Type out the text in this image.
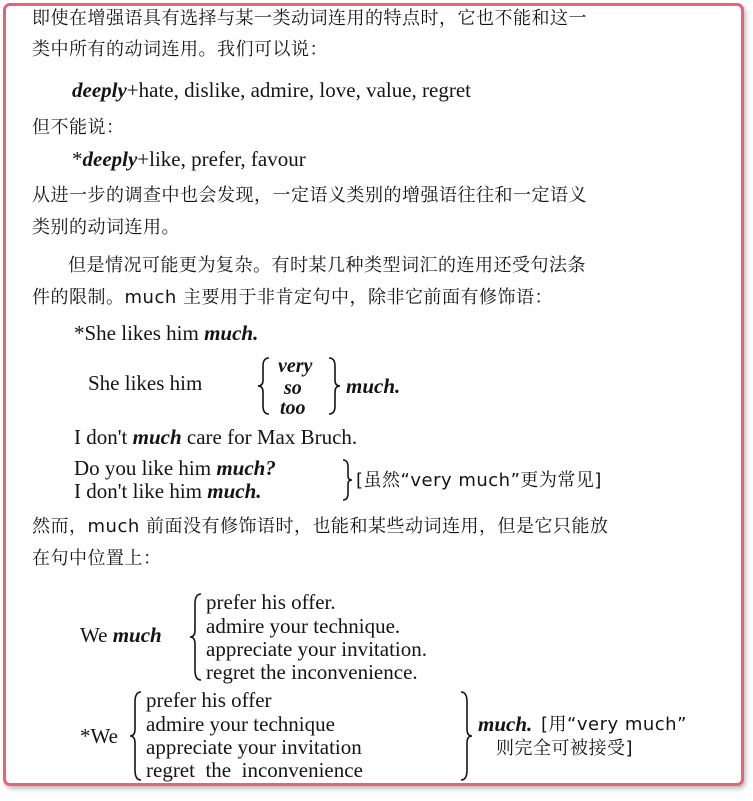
即使在增强语具有选择与某一类动词连用的特点时，它也不能和这一
类中所有的动词连用。我们可以说：
deeply+hate, dislike, admire, love, value, regret
但不能说：
*deeply+like, prefer, favour
从进一步的调查中也会发现，一定语义类别的增强语往往和一定语义
类别的动词连用。
但是情况可能更为复杂。有时某几种类型词汇的连用还受句法条
件的限制。much 主要用于非肯定句中，除非它前面有修饰语：
*She likes him much.
She likes him
very
so
too
much.
I don't much care for Max Bruch.
Do you like him much?
I don't like him much.	[虽然“very much”更为常见]
然而，much 前面没有修饰语时，也能和某些动词连用，但是它只能放
在句中位置上：
We much
prefer his offer.
admire your technique.
appreciate your invitation.
regret the inconvenience.
*We
prefer his offer
admire your technique
appreciate your invitation
regret  the  inconvenience
much. [用“very much”
则完全可被接受]
